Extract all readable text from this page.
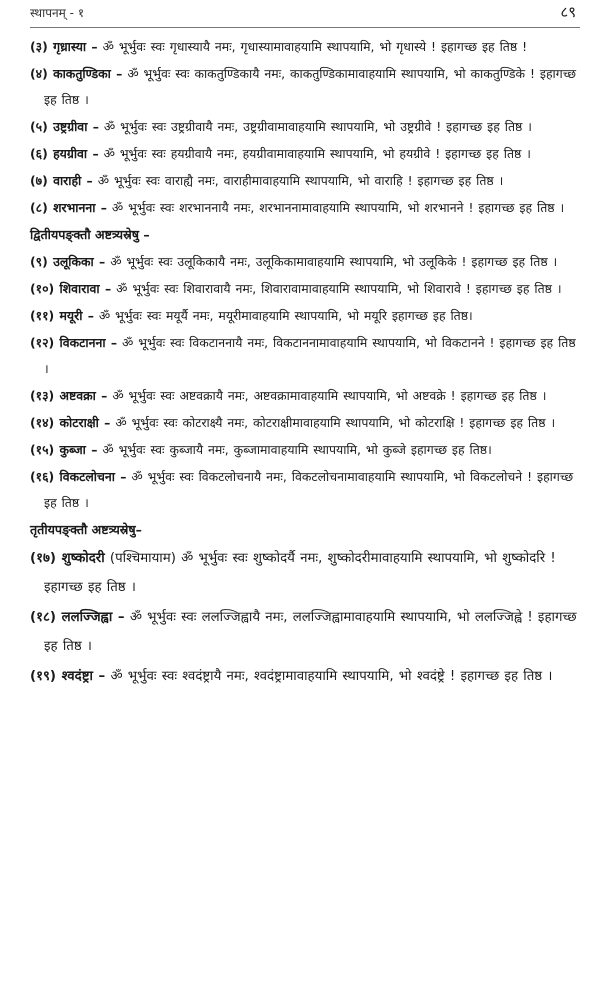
स्थापनम् - १	८९

(३) गृध्रास्या – ॐ भूर्भुवः स्वः गृधास्यायै नमः, गृधास्यामावाहयामि स्थापयामि, भो गृधास्ये ! इहागच्छ इह तिष्ठ !

(४) काकतुण्डिका – ॐ भूर्भुवः स्वः काकतुण्डिकायै नमः, काकतुण्डिकामावाहयामि स्थापयामि, भो काकतुण्डिके ! इहागच्छ इह तिष्ठ ।

(५) उष्ट्रग्रीवा – ॐ भूर्भुवः स्वः उष्ट्रग्रीवायै नमः, उष्ट्रग्रीवामावाहयामि स्थापयामि, भो उष्ट्रग्रीवे ! इहागच्छ इह तिष्ठ ।

(६) हयग्रीवा – ॐ भूर्भुवः स्वः हयग्रीवायै नमः, हयग्रीवामावाहयामि स्थापयामि, भो हयग्रीवे ! इहागच्छ इह तिष्ठ ।

(७) वाराही – ॐ भूर्भुवः स्वः वाराह्यै नमः, वाराहीमावाहयामि स्थापयामि, भो वाराहि ! इहागच्छ इह तिष्ठ ।

(८) शरभानना – ॐ भूर्भुवः स्वः शरभाननायै नमः, शरभाननामावाहयामि स्थापयामि, भो शरभानने ! इहागच्छ इह तिष्ठ ।

द्वितीयपङ्क्तौ अष्टत्र्यस्रेषु –

(९) उलूकिका – ॐ भूर्भुवः स्वः उलूकिकायै नमः, उलूकिकामावाहयामि स्थापयामि, भो उलूकिके ! इहागच्छ इह तिष्ठ ।

(१०) शिवारावा – ॐ भूर्भुवः स्वः शिवारावायै नमः, शिवारावामावाहयामि स्थापयामि, भो शिवारावे ! इहागच्छ इह तिष्ठ ।

(११) मयूरी – ॐ भूर्भुवः स्वः मयूर्यै नमः, मयूरीमावाहयामि स्थापयामि, भो मयूरि इहागच्छ इह तिष्ठ।

(१२) विकटानना – ॐ भूर्भुवः स्वः विकटाननायै नमः, विकटाननामावाहयामि स्थापयामि, भो विकटानने ! इहागच्छ इह तिष्ठ ।

(१३) अष्टवक्रा – ॐ भूर्भुवः स्वः अष्टवक्रायै नमः, अष्टवक्रामावाहयामि स्थापयामि, भो अष्टवक्रे ! इहागच्छ इह तिष्ठ ।

(१४) कोटराक्षी – ॐ भूर्भुवः स्वः कोटराक्ष्यै नमः, कोटराक्षीमावाहयामि स्थापयामि, भो कोटराक्षि ! इहागच्छ इह तिष्ठ ।

(१५) कुब्जा – ॐ भूर्भुवः स्वः कुब्जायै नमः, कुब्जामावाहयामि स्थापयामि, भो कुब्जे इहागच्छ इह तिष्ठ।

(१६) विकटलोचना – ॐ भूर्भुवः स्वः विकटलोचनायै नमः, विकटलोचनामावाहयामि स्थापयामि, भो विकटलोचने ! इहागच्छ इह तिष्ठ ।

तृतीयपङ्क्तौ अष्टत्र्यस्रेषु–

(१७) शुष्कोदरी (पश्चिमायाम) ॐ भूर्भुवः स्वः शुष्कोदर्यै नमः, शुष्कोदरीमावाहयामि स्थापयामि, भो शुष्कोदरि ! इहागच्छ इह तिष्ठ ।

(१८) ललज्जिह्वा – ॐ भूर्भुवः स्वः ललज्जिह्वायै नमः, ललज्जिह्वामावाहयामि स्थापयामि, भो ललज्जिह्वे ! इहागच्छ इह तिष्ठ ।

(१९) श्वदंष्ट्रा – ॐ भूर्भुवः स्वः श्वदंष्ट्रायै नमः, श्वदंष्ट्रामावाहयामि स्थापयामि, भो श्वदंष्ट्रे ! इहागच्छ इह तिष्ठ ।
